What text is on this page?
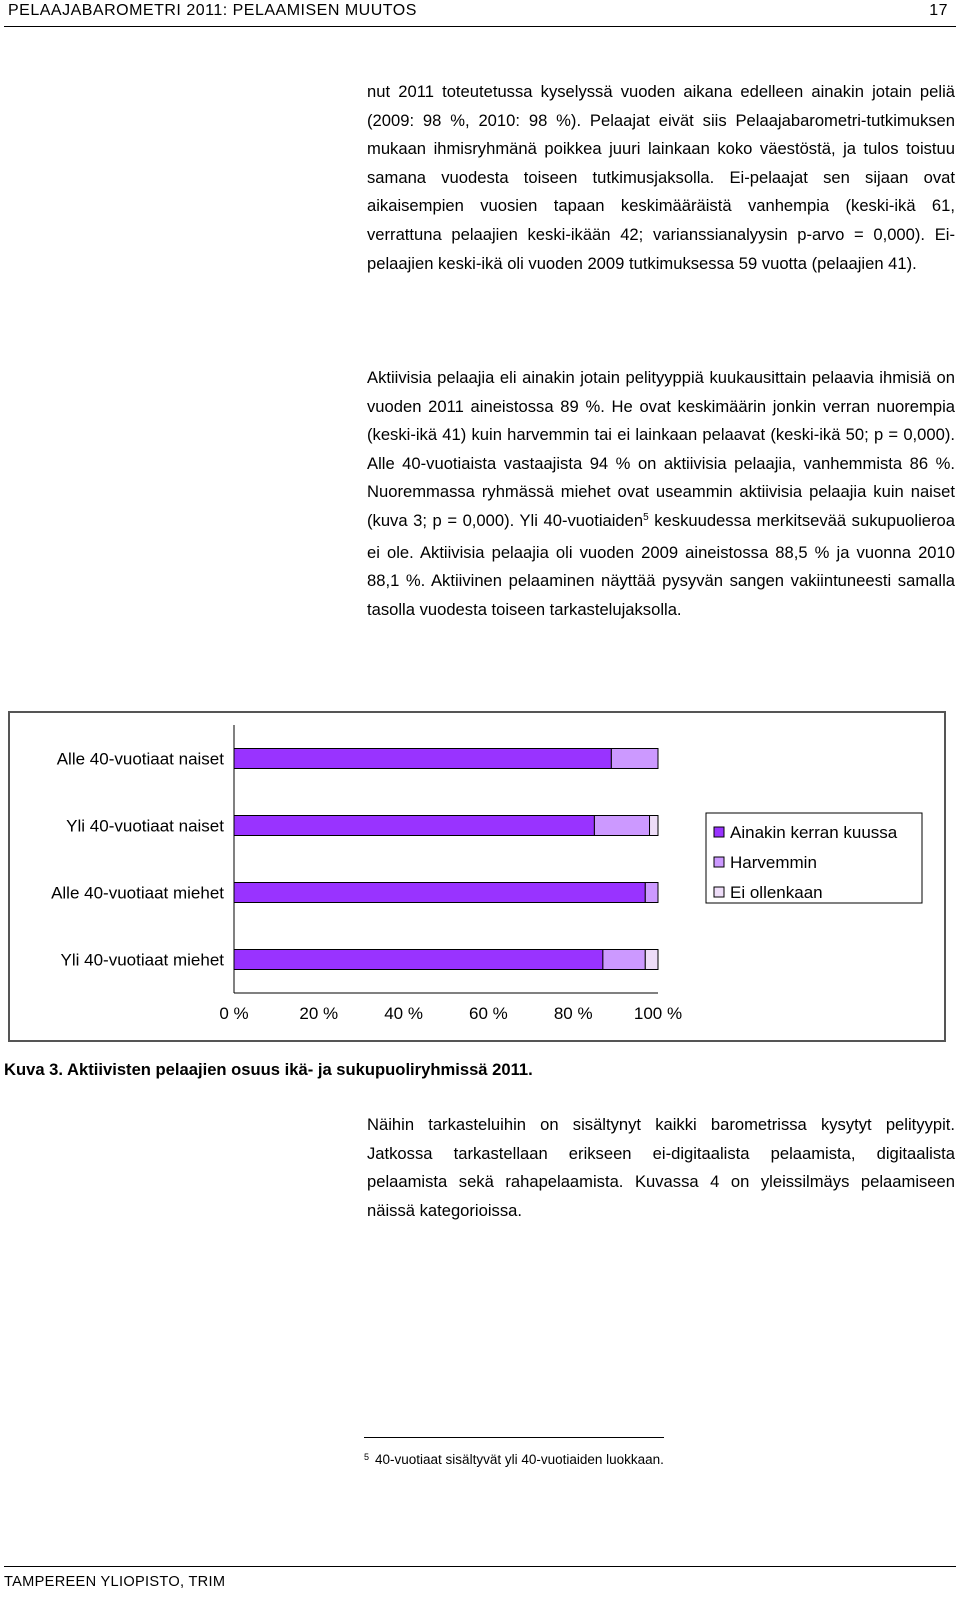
PELAAJABAROMETRI 2011: PELAAMISEN MUUTOS	17

nut 2011 toteutetussa kyselyssä vuoden aikana edelleen ainakin jotain peliä (2009: 98 %, 2010: 98 %). Pelaajat eivät siis Pelaajabarometri-tutkimuksen mukaan ihmisryhmänä poikkea juuri lainkaan koko väestöstä, ja tulos toistuu samana vuodesta toiseen tutkimusjaksolla. Ei-pelaajat sen sijaan ovat aikaisempien vuosien tapaan keskimääräistä vanhempia (keski-ikä 61, verrattuna pelaajien keski-ikään 42; varianssianalyysin p-arvo = 0,000). Ei-pelaajien keski-ikä oli vuoden 2009 tutkimuksessa 59 vuotta (pelaajien 41).

Aktiivisia pelaajia eli ainakin jotain pelityyppiä kuukausittain pelaavia ihmisiä on vuoden 2011 aineistossa 89 %. He ovat keskimäärin jonkin verran nuorempia (keski-ikä 41) kuin harvemmin tai ei lainkaan pelaavat (keski-ikä 50; p = 0,000). Alle 40-vuotiaista vastaajista 94 % on aktiivisia pelaajia, vanhemmista 86 %. Nuoremmassa ryhmässä miehet ovat useammin aktiivisia pelaajia kuin naiset (kuva 3; p = 0,000). Yli 40-vuotiaiden$^5$ keskuudessa merkitsevää sukupuolieroa ei ole. Aktiivisia pelaajia oli vuoden 2009 aineistossa 88,5 % ja vuonna 2010 88,1 %. Aktiivinen pelaaminen näyttää pysyvän sangen vakiintuneesti samalla tasolla vuodesta toiseen tarkastelujaksolla.

Alle 40-vuotiaat naiset
Yli 40-vuotiaat naiset
Alle 40-vuotiaat miehet
Yli 40-vuotiaat miehet
0 %	20 %	40 %	60 %	80 % 100 %
Ainakin kerran kuussa
Harvemmin
Ei ollenkaan
Kuva 3. Aktiivisten pelaajien osuus ikä- ja sukupuoliryhmissä 2011.

Näihin tarkasteluihin on sisältynyt kaikki barometrissa kysytyt pelityypit. Jatkossa tarkastellaan erikseen ei-digitaalista pelaamista, digitaalista pelaamista sekä rahapelaamista. Kuvassa 4 on yleissilmäys pelaamiseen näissä kategorioissa.

$^5$ 40-vuotiaat sisältyvät yli 40-vuotiaiden luokkaan.
TAMPEREEN YLIOPISTO, TRIM
